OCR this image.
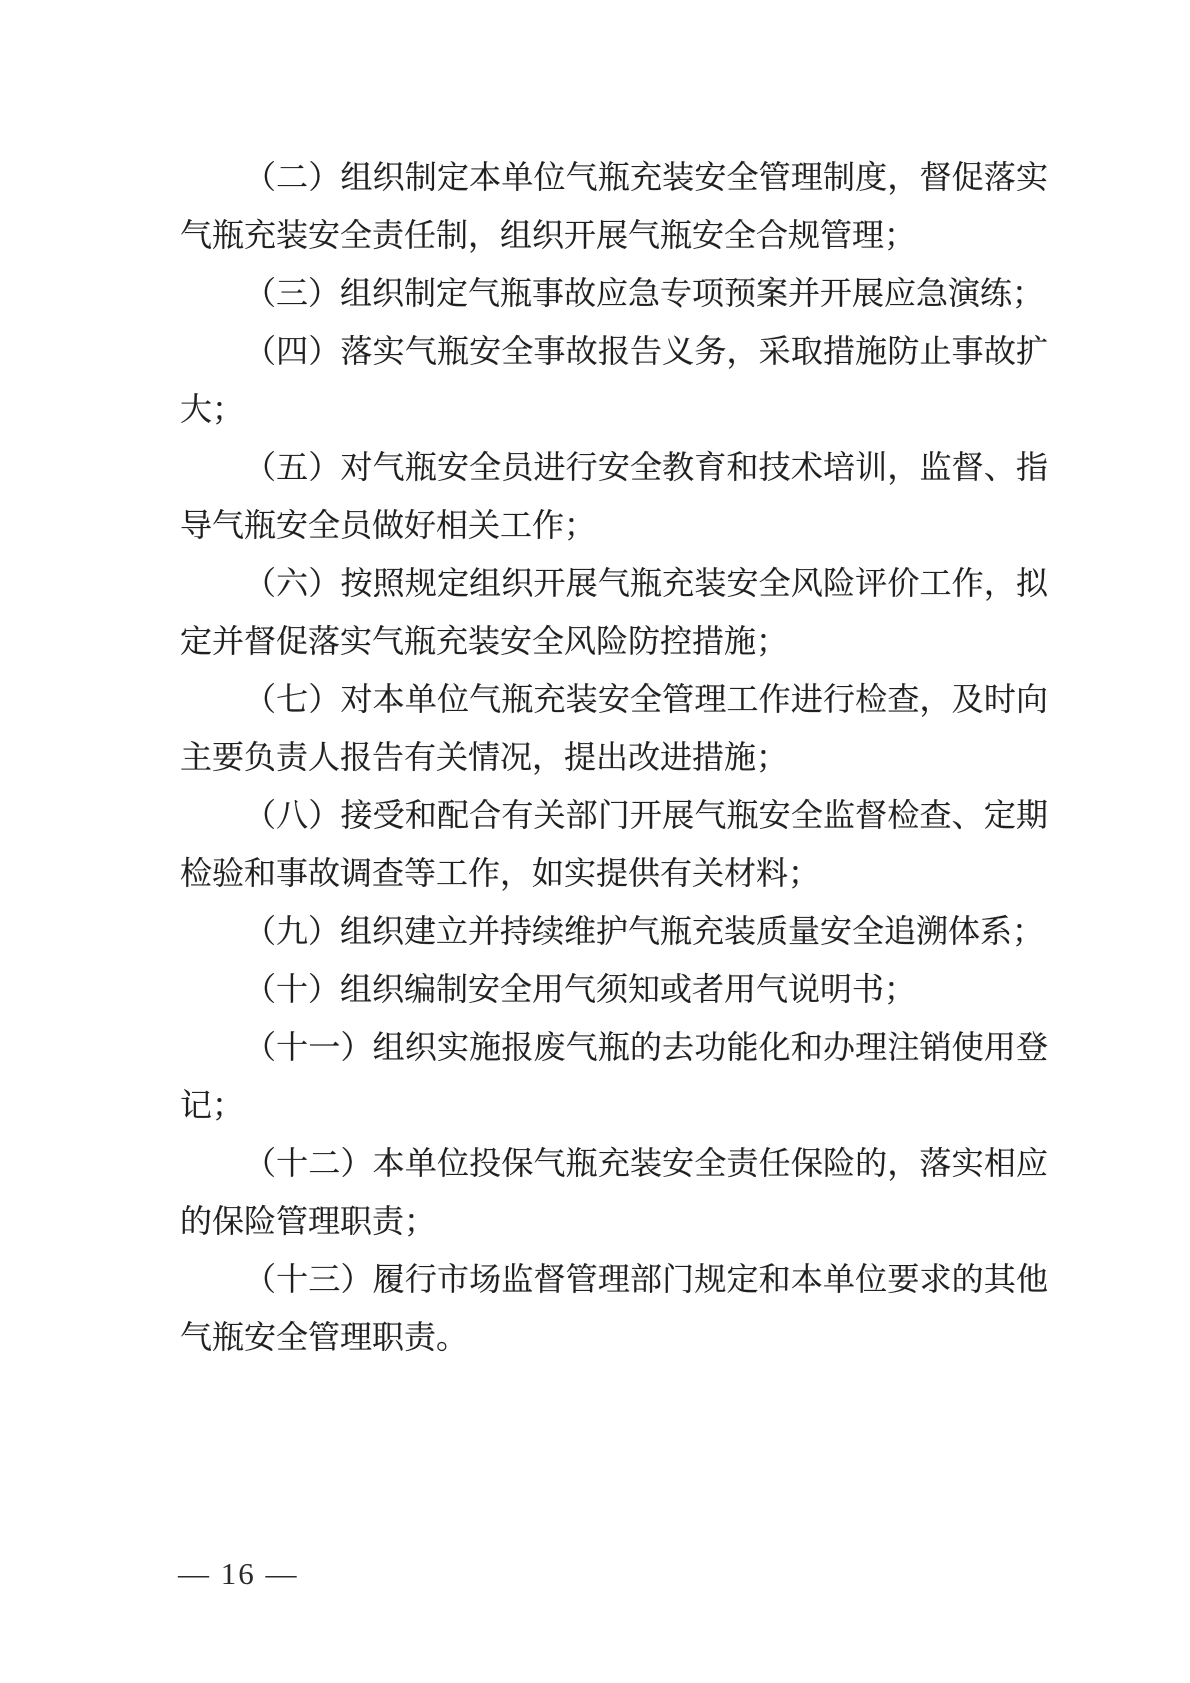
（二）组织制定本单位气瓶充装安全管理制度，督促落实气瓶充装安全责任制，组织开展气瓶安全合规管理；

（三）组织制定气瓶事故应急专项预案并开展应急演练；

（四）落实气瓶安全事故报告义务，采取措施防止事故扩大；

（五）对气瓶安全员进行安全教育和技术培训，监督、指导气瓶安全员做好相关工作；

（六）按照规定组织开展气瓶充装安全风险评价工作，拟定并督促落实气瓶充装安全风险防控措施；

（七）对本单位气瓶充装安全管理工作进行检查，及时向主要负责人报告有关情况，提出改进措施；

（八）接受和配合有关部门开展气瓶安全监督检查、定期检验和事故调查等工作，如实提供有关材料；

（九）组织建立并持续维护气瓶充装质量安全追溯体系；

（十）组织编制安全用气须知或者用气说明书；

（十一）组织实施报废气瓶的去功能化和办理注销使用登记；

（十二）本单位投保气瓶充装安全责任保险的，落实相应的保险管理职责；

（十三）履行市场监督管理部门规定和本单位要求的其他气瓶安全管理职责。

— 16 —
